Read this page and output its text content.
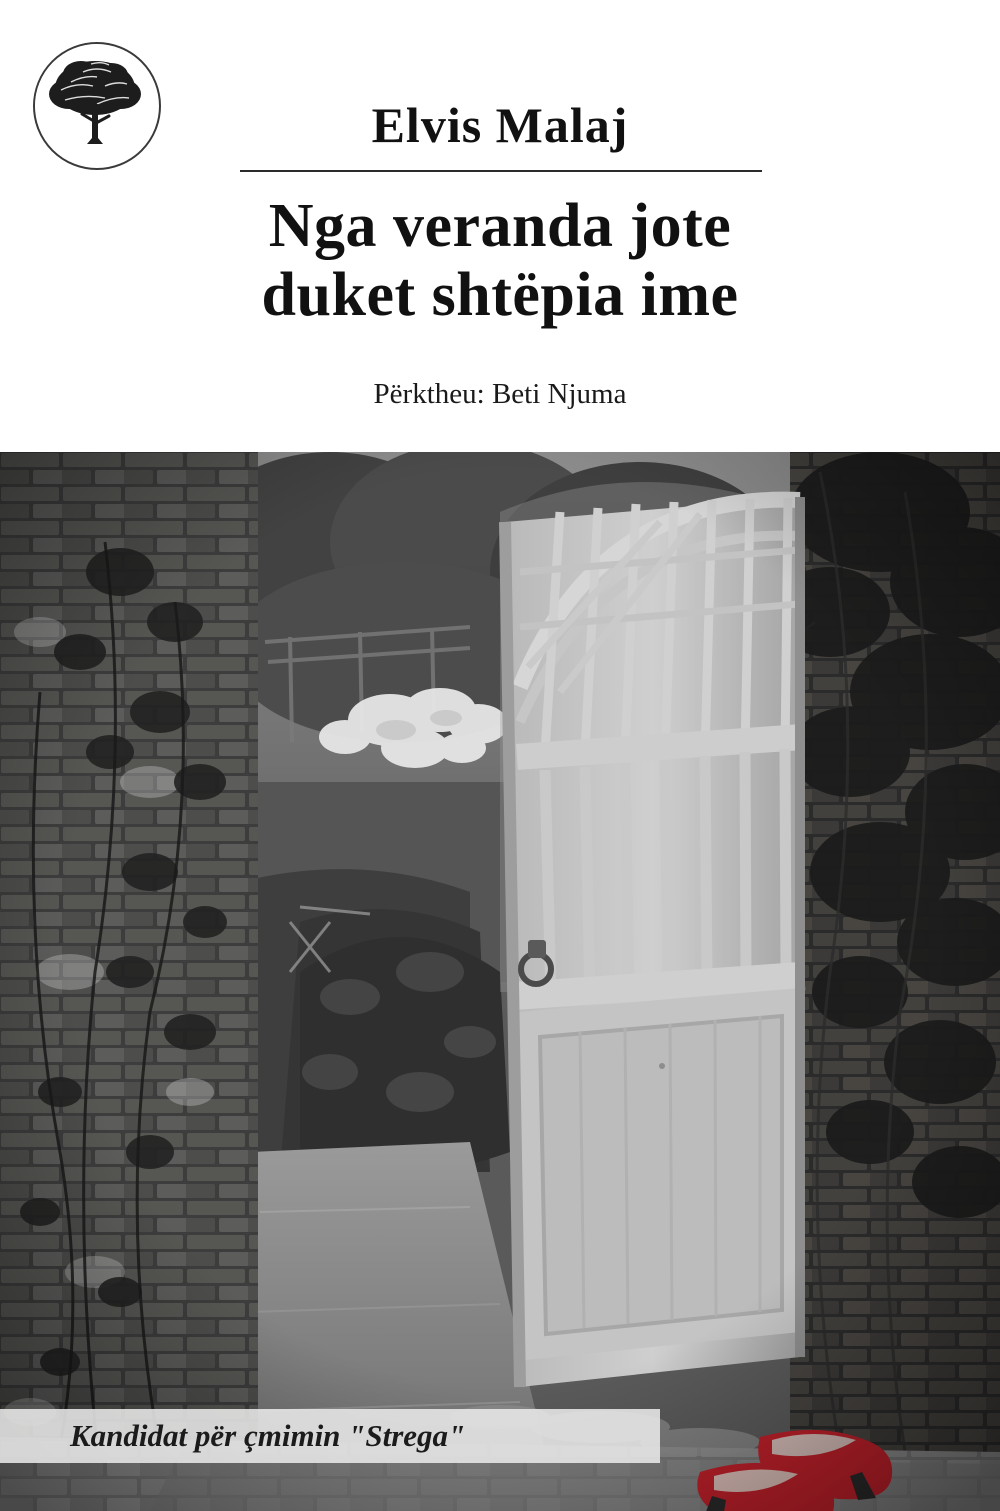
Elvis Malaj
Nga veranda jote
duket shtëpia ime
Përktheu: Beti Njuma
Kandidat për çmimin "Strega"
